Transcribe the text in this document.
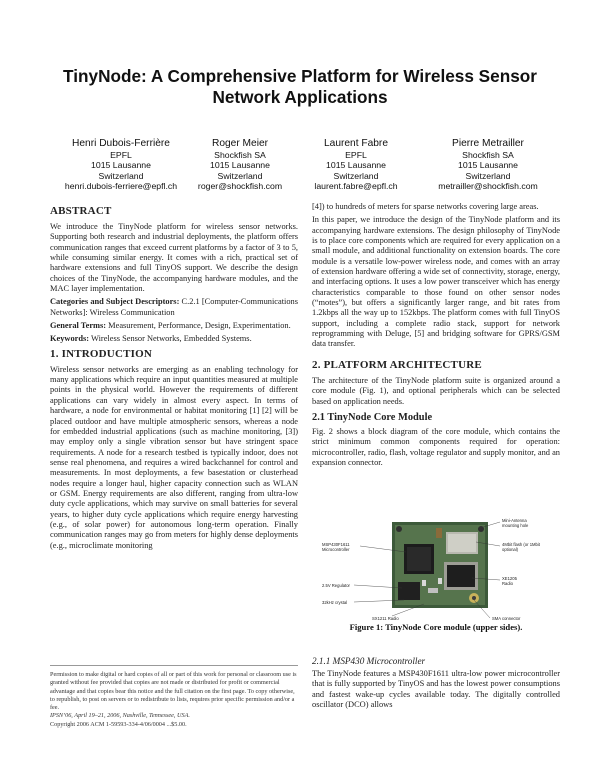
TinyNode: A Comprehensive Platform for Wireless Sensor Network Applications
Henri Dubois-Ferrière
EPFL
1015 Lausanne
Switzerland
henri.dubois-ferriere@epfl.ch
Roger Meier
Shockfish SA
1015 Lausanne
Switzerland
roger@shockfish.com
Laurent Fabre
EPFL
1015 Lausanne
Switzerland
laurent.fabre@epfl.ch
Pierre Metrailler
Shockfish SA
1015 Lausanne
Switzerland
metrailler@shockfish.com
ABSTRACT

We introduce the TinyNode platform for wireless sensor networks. Supporting both research and industrial deployments, the platform offers communication ranges that exceed current platforms by a factor of 3 to 5, while consuming similar energy. It comes with a rich, practical set of hardware extensions and full TinyOS support. We describe the design choices of the TinyNode, the accompanying hardware modules, and the MAC layer implementation.

Categories and Subject Descriptors: C.2.1 [Computer-Communications Networks]: Wireless Communication

General Terms: Measurement, Performance, Design, Experimentation.

Keywords: Wireless Sensor Networks, Embedded Systems.

1. INTRODUCTION

Wireless sensor networks are emerging as an enabling technology for many applications which require an input quantities measured at multiple points in the physical world. However the requirements of different applications can vary widely in almost every aspect. In terms of hardware, a node for environmental or habitat monitoring [1] [2] will be placed outdoor and have multiple atmospheric sensors, whereas a node for embedded industrial applications (such as machine monitoring, [3]) may employ only a single vibration sensor but have stringent space requirements. A node for a research testbed is typically indoor, does not sense real phenomena, and requires a wired backchannel for control and measurements. In most deployments, a few basestation or clusterhead nodes require a longer haul, higher capacity connection such as WLAN or GSM. Energy requirements are also different, ranging from ultra-low duty cycle applications, which may survive on small batteries for several years, to higher duty cycle applications which require energy harvesting (e.g., of solar power) for autonomous long-term operation. Finally communication ranges may go from meters for highly dense deployments (e.g., microclimate monitoring

[4]) to hundreds of meters for sparse networks covering large areas.

In this paper, we introduce the design of the TinyNode platform and its accompanying hardware extensions. The design philosophy of TinyNode is to place core components which are required for every application on a small module, and additional functionality on extension boards. The core module is a versatile low-power wireless node, and comes with an array of extension hardware offering a wide set of connectivity, storage, energy, and interfacing options. It uses a low power transceiver which has energy characteristics comparable to those found on other sensor nodes (“motes”), but offers a significantly larger range, and bit rates from 1.2kbps all the way up to 152kbps. The platform comes with full TinyOS support, including a complete radio stack, support for network reprogramming with Deluge, [5] and bridging software for GPRS/GSM data transfer.

2. PLATFORM ARCHITECTURE

The architecture of the TinyNode platform suite is organized around a core module (Fig. 1), and optional peripherals which can be selected based on application needs.

2.1 TinyNode Core Module

Fig. 2 shows a block diagram of the core module, which contains the strict minimum common components required for operation: microcontroller, radio, flash, voltage regulator and supply monitor, and an expansion connector.

MSP430F1611
Microcontroller
2.5V Regulator
32kHz crystal
SX1211 Radio
Mini-Antenna
mounting hole
4Mbit flash (or 1Mbit
optional)
XE1205
Radio
SMA connector
Figure 1: TinyNode Core module (upper sides).
2.1.1 MSP430 Microcontroller

The TinyNode features a MSP430F1611 ultra-low power microcontroller that is fully supported by TinyOS and has the lowest power consumptions and fastest wake-up cycles available today. The digitally controlled oscillator (DCO) allows

Permission to make digital or hard copies of all or part of this work for personal or classroom use is granted without fee provided that copies are not made or distributed for profit or commercial advantage and that copies bear this notice and the full citation on the first page. To copy otherwise, to republish, to post on servers or to redistribute to lists, requires prior specific permission and/or a fee.

IPSN’06, April 19–21, 2006, Nashville, Tennessee, USA.

Copyright 2006 ACM 1-59593-334-4/06/0004 ...$5.00.
